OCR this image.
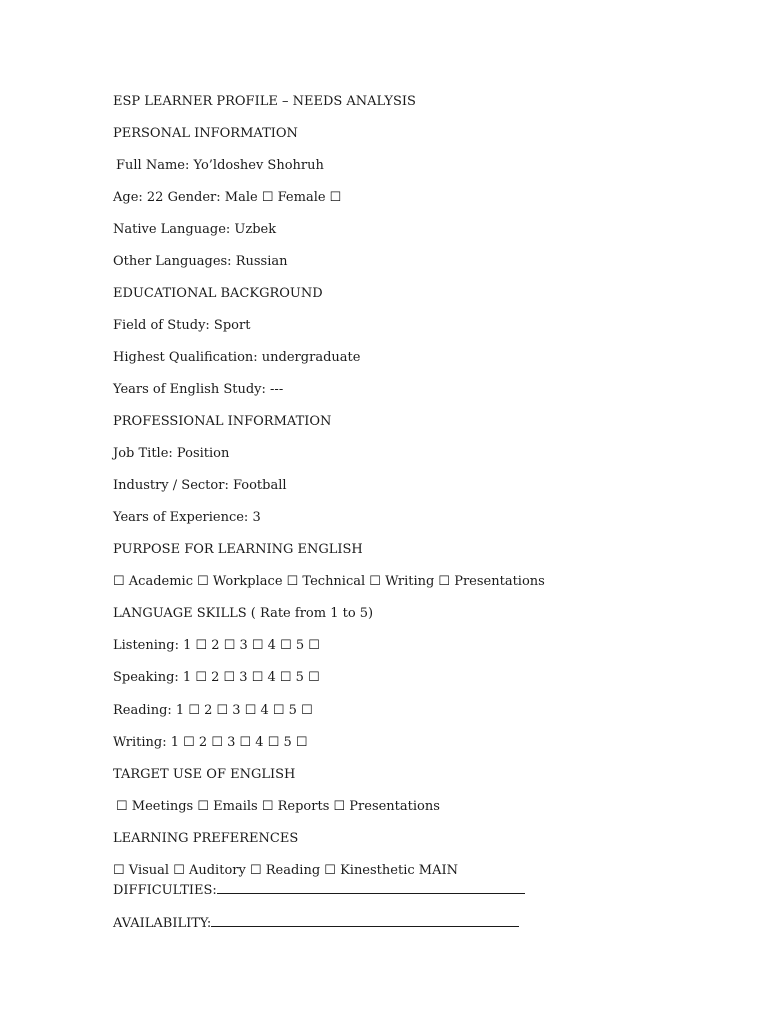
ESP LEARNER PROFILE – NEEDS ANALYSIS
PERSONAL INFORMATION
Full Name: Yo’ldoshev Shohruh
Age: 22 Gender: Male ☐ Female ☐
Native Language: Uzbek
Other Languages: Russian
EDUCATIONAL BACKGROUND
Field of Study: Sport
Highest Qualification: undergraduate
Years of English Study: ---
PROFESSIONAL INFORMATION
Job Title: Position
Industry / Sector: Football
Years of Experience: 3
PURPOSE FOR LEARNING ENGLISH
☐ Academic ☐ Workplace ☐ Technical ☐ Writing ☐ Presentations
LANGUAGE SKILLS ( Rate from 1 to 5)
Listening: 1 ☐ 2 ☐ 3 ☐ 4 ☐ 5 ☐
Speaking: 1 ☐ 2 ☐ 3 ☐ 4 ☐ 5 ☐
Reading: 1 ☐ 2 ☐ 3 ☐ 4 ☐ 5 ☐
Writing: 1 ☐ 2 ☐ 3 ☐ 4 ☐ 5 ☐
TARGET USE OF ENGLISH
☐ Meetings ☐ Emails ☐ Reports ☐ Presentations
LEARNING PREFERENCES
☐ Visual ☐ Auditory ☐ Reading ☐ Kinesthetic MAIN
DIFFICULTIES:
AVAILABILITY:
